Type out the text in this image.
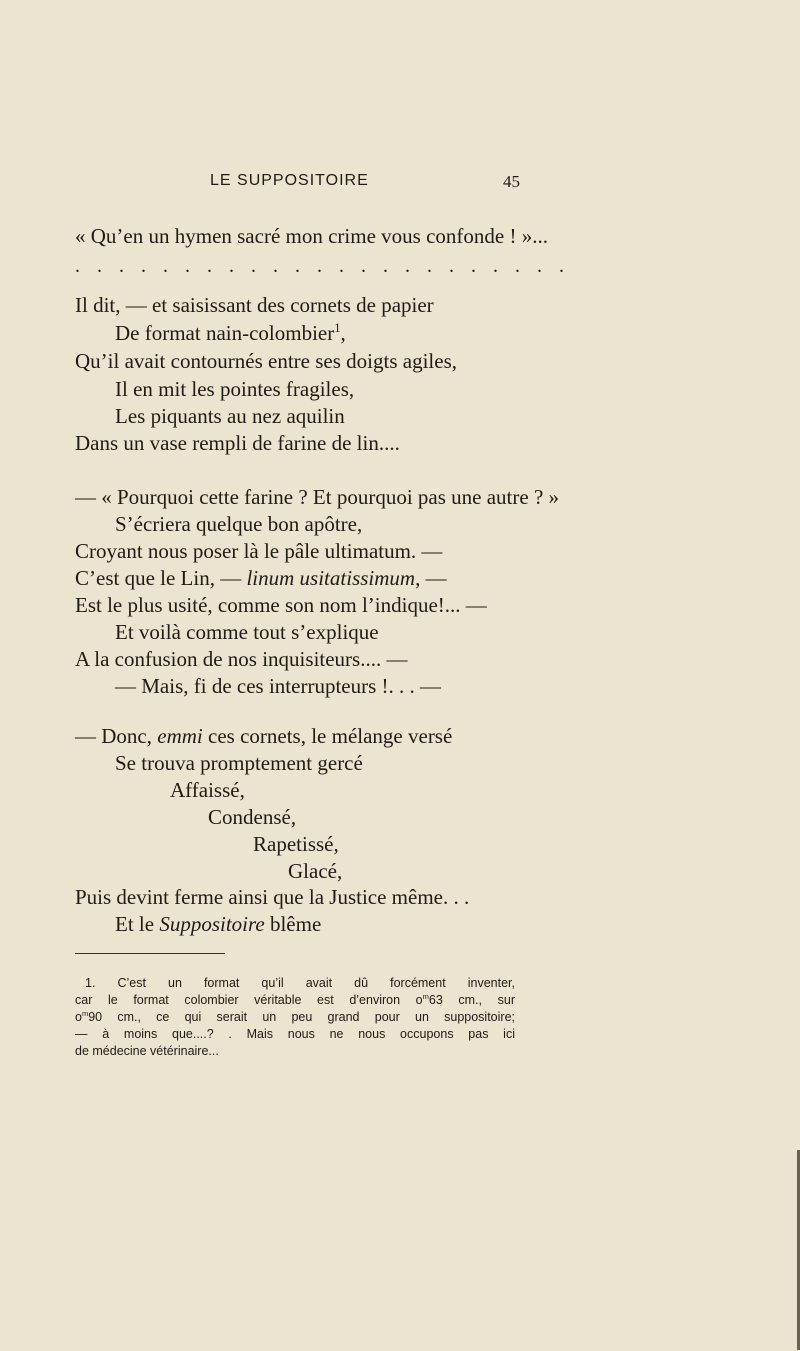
LE SUPPOSITOIRE	45
« Qu’en un hymen sacré mon crime vous confonde ! »...
. . . . . . . . . . . . . . . . . . . . . . .
Il dit, — et saisissant des cornets de papier
De format nain-colombier$^1$,
Qu’il avait contournés entre ses doigts agiles,
Il en mit les pointes fragiles,
Les piquants au nez aquilin
Dans un vase rempli de farine de lin....
— « Pourquoi cette farine ? Et pourquoi pas une autre ? »
S’écriera quelque bon apôtre,
Croyant nous poser là le pâle ultimatum. —
C’est que le Lin, — linum usitatissimum, —
Est le plus usité, comme son nom l’indique!... —
Et voilà comme tout s’explique
A la confusion de nos inquisiteurs.... —
— Mais, fi de ces interrupteurs !. . . —
— Donc, emmi ces cornets, le mélange versé
Se trouva promptement gercé
Affaissé,
Condensé,
Rapetissé,
Glacé,
Puis devint ferme ainsi que la Justice même. . .
Et le Suppositoire blême
1. C’est un format qu’il avait dû forcément inventer,
car le format colombier véritable est d’environ $o^m63$ cm., sur
$o^m90$ cm., ce qui serait un peu grand pour un suppositoire;
— à moins que....? . Mais nous ne nous occupons pas ici
de médecine vétérinaire...
